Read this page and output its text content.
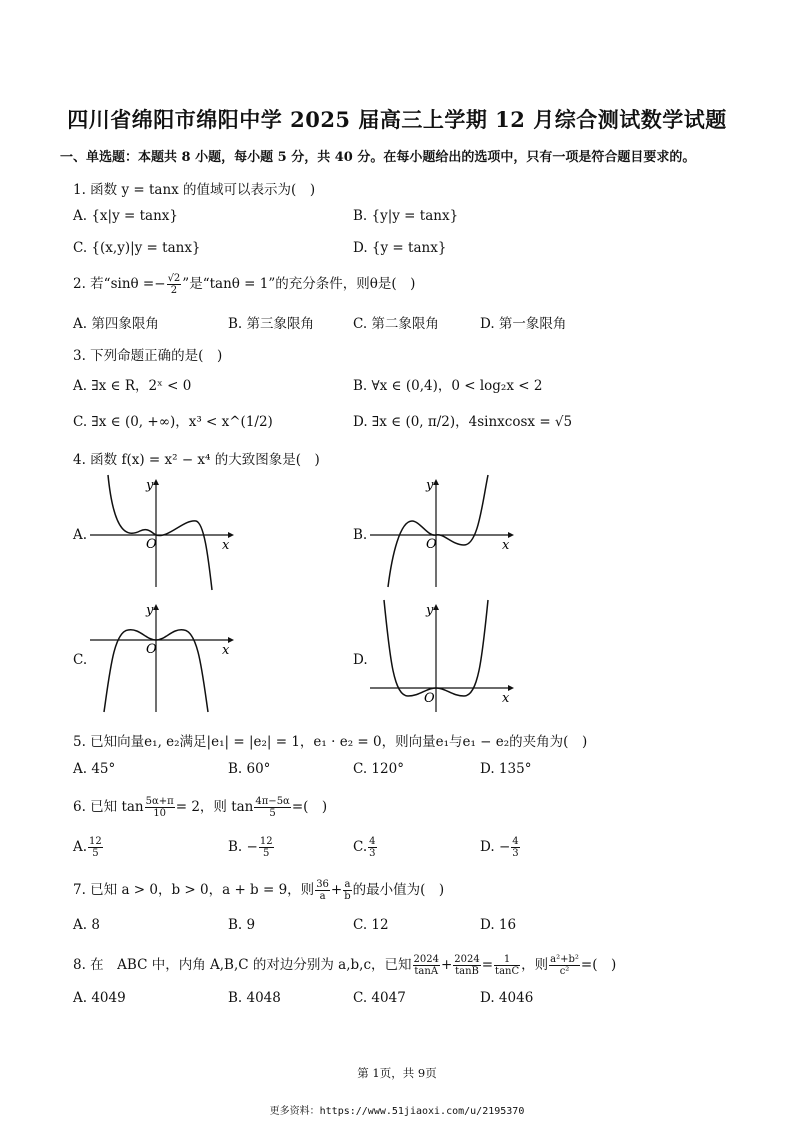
四川省绵阳市绵阳中学 2025 届高三上学期 12 月综合测试数学试题
一、单选题：本题共 8 小题，每小题 5 分，共 40 分。在每小题给出的选项中，只有一项是符合题目要求的。
1. 函数 y = tanx 的值域可以表示为(　)
A. {x|y = tanx}	B. {y|y = tanx}
C. {(x,y)|y = tanx}	D. {y = tanx}
2. 若“$\sin\theta =- \frac{√2}{2}$ ”是“tanθ = 1”的充分条件，则θ是(　)
A. 第四象限角	B. 第三象限角	C. 第二象限角	D. 第一象限角
3. 下列命题正确的是(　)
A. ∃x ∈ R，2ˣ < 0	B. ∀x ∈ (0,4)，0 < log₂x < 2
C. ∃x ∈ (0, +∞)，x³ < x^(1/2)	D. ∃x ∈ (0, π/2)，4sinxcosx = √5
4. 函数 f(x) = x² − x⁴ 的大致图象是(　)
A.	B.
C.	D.
O	x
y
O	x
y
O	x
y
O	x
y
5. 已知向量e₁, e₂满足|e₁| = |e₂| = 1，e₁ · e₂ = 0，则向量e₁与e₁ − e₂的夹角为(　)
A. 45°	B. 60°	C. 120°	D. 135°
6. 已知 $\tan \frac{5\alpha+\pi}{10} = 2$，则 $\tan \frac{4\pi-5\alpha}{5}$ =(　)
A. $\frac{12}{5}$	B. − $\frac{12}{5}$	C. $\frac{4}{3}$	D. − $\frac{4}{3}$
7. 已知 a > 0，b > 0，a + b = 9，则 $\frac{36}{a} + \frac{a}{b}$ 的最小值为(　)
A. 8	B. 9	C. 12	D. 16
8. 在　ABC 中，内角 A,B,C 的对边分别为 a,b,c，已知 $\frac{2024}{\tan A} + \frac{2024}{\tan B} = \frac{1}{\tan C}$ ，则 $\frac{\text{a²+b²}}{\text{c²}}$ =(　)
A. 4049	B. 4048	C. 4047	D. 4046
第 1页，共 9页
更多资料：https://www.51jiaoxi.com/u/2195370
